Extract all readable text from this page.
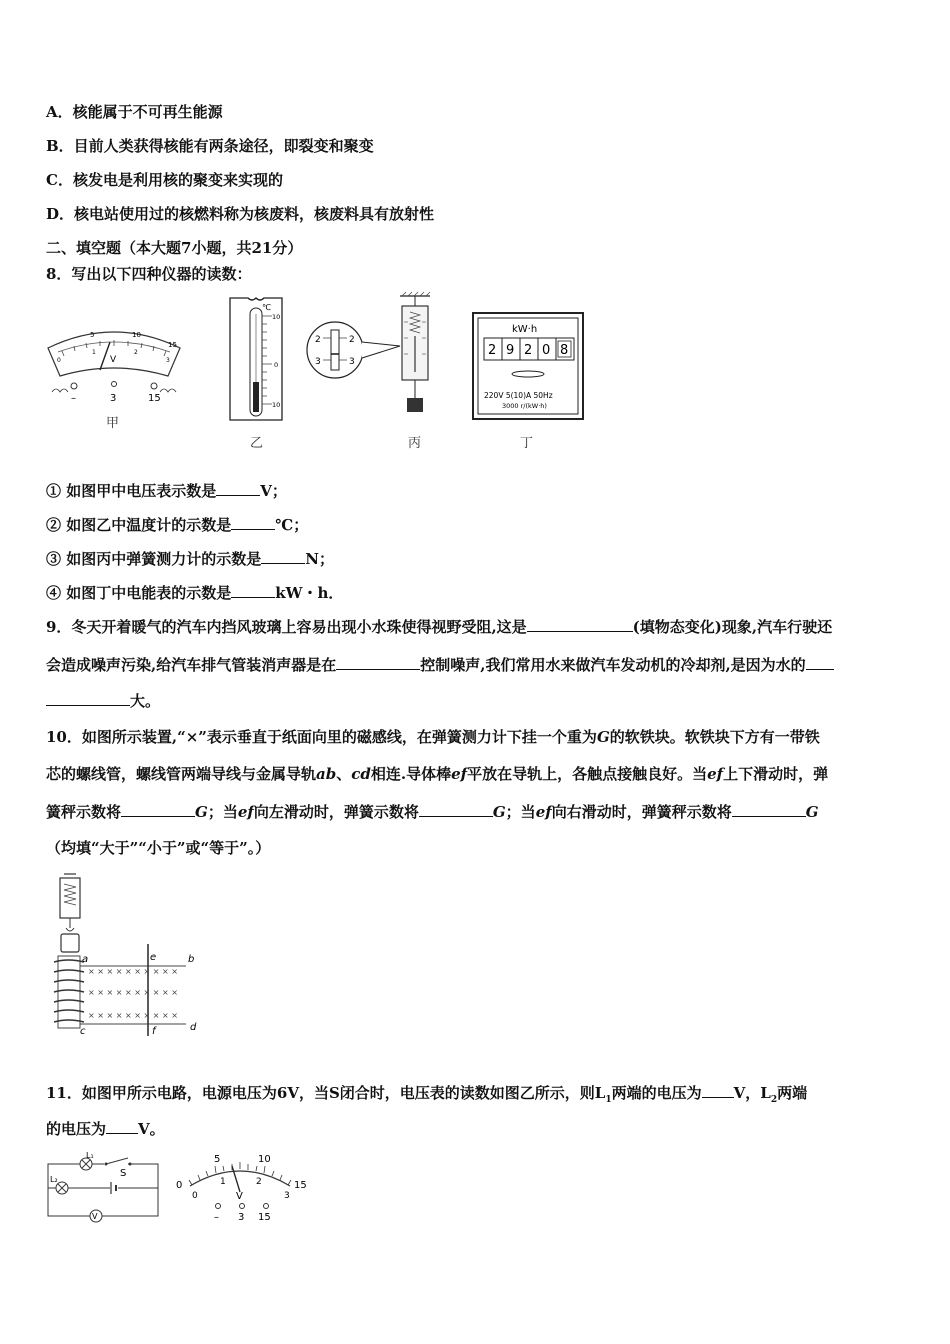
A．核能属于不可再生能源
B．目前人类获得核能有两条途径，即裂变和聚变
C．核发电是利用核的聚变来实现的
D．核电站使用过的核燃料称为核废料，核废料具有放射性
二、填空题（本大题7小题，共21分）
8．写出以下四种仪器的读数：
5	10
15
0
1	2
3
V
–	3	15
甲
℃
10
0
10
乙
2
3
2
3
丙
kW·h
2 9 2 0 8
220V 5(10)A 50Hz
3000 r/(kW·h)
丁
① 如图甲中电压表示数是	V；
② 如图乙中温度计的示数是	℃；
③ 如图丙中弹簧测力计的示数是	N；
④ 如图丁中电能表的示数是	kW・h．
9．冬天开着暖气的汽车内挡风玻璃上容易出现小水珠使得视野受阻,这是	(填物态变化)现象,汽车行驶还
会造成噪声污染,给汽车排气管装消声器是在	控制噪声,我们常用水来做汽车发动机的冷却剂,是因为水的
大。
10．如图所示装置,“×”表示垂直于纸面向里的磁感线，在弹簧测力计下挂一个重为G的软铁块。软铁块下方有一带铁
芯的螺线管，螺线管两端导线与金属导轨ab、cd相连.导体棒ef平放在导轨上，各触点接触良好。当ef上下滑动时，弹
簧秤示数将	G；当ef向左滑动时，弹簧示数将	G；当ef向右滑动时，弹簧秤示数将	G
（均填“大于”“小于”或“等于”。）
× × × × × × × × × ×
× × × × × × × × × ×
× × × × × × × × × ×
a	b
c	d
e
f
11．如图甲所示电路，电源电压为6V，当S闭合时，电压表的读数如图乙所示，则$L_1$两端的电压为 V，$L_2$两端
的电压为 V。
L₁
L₂
S
V
5	10
15
0
0
1	2
3
V
– 3 15
